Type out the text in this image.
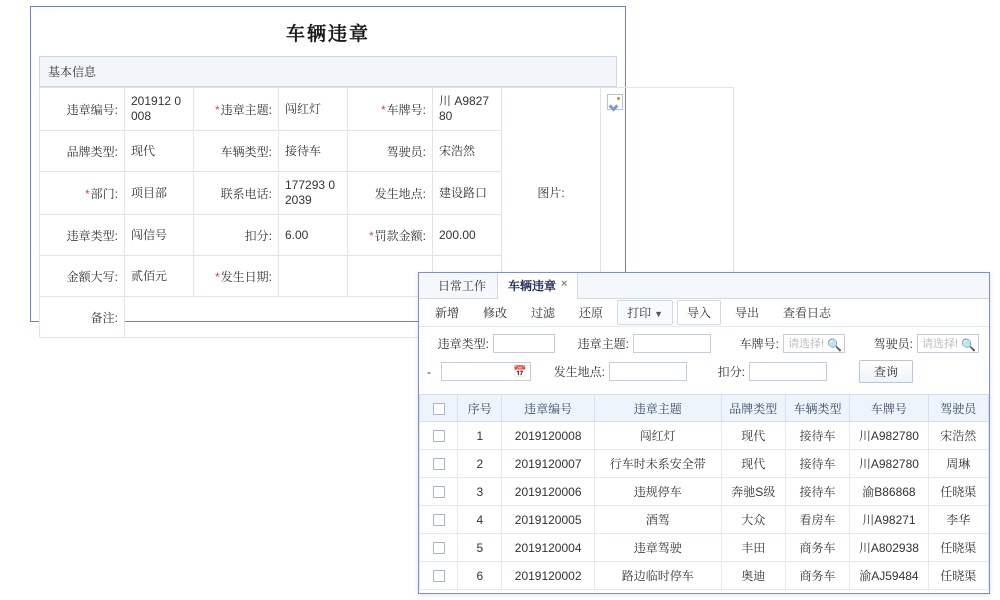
车辆违章
基本信息
违章编号:	201912 0008	*违章主题:	闯红灯	*车牌号:	川 A982780	图片:	
品牌类型:	现代	车辆类型:	接待车	驾驶员:	宋浩然		
*部门:	项目部	联系电话:	177293 02039	发生地点:	建设路口		
违章类型:	闯信号	扣分:	6.00	*罚款金额:	200.00		
金额大写:	贰佰元	*发生日期:					
备注:							
日常工作	车辆违章 ×
新增	修改	过滤	还原	打印 ▼	导入	导出	查看日志
违章类型:	违章主题:	车牌号: 请选择! 🔍	驾驶员: 请选择! 🔍
-	📅	发生地点:	扣分:	查询
	序号	违章编号	违章主题	品牌类型	车辆类型	车牌号	驾驶员
	1	2019120008	闯红灯	现代	接待车	川A982780	宋浩然
	2	2019120007	行车时未系安全带	现代	接待车	川A982780	周琳
	3	2019120006	违规停车	奔驰S级	接待车	渝B86868	任晓渠
	4	2019120005	酒驾	大众	看房车	川A98271	李华
	5	2019120004	违章驾驶	丰田	商务车	川A802938	任晓渠
	6	2019120002	路边临时停车	奥迪	商务车	渝AJ59484	任晓渠
